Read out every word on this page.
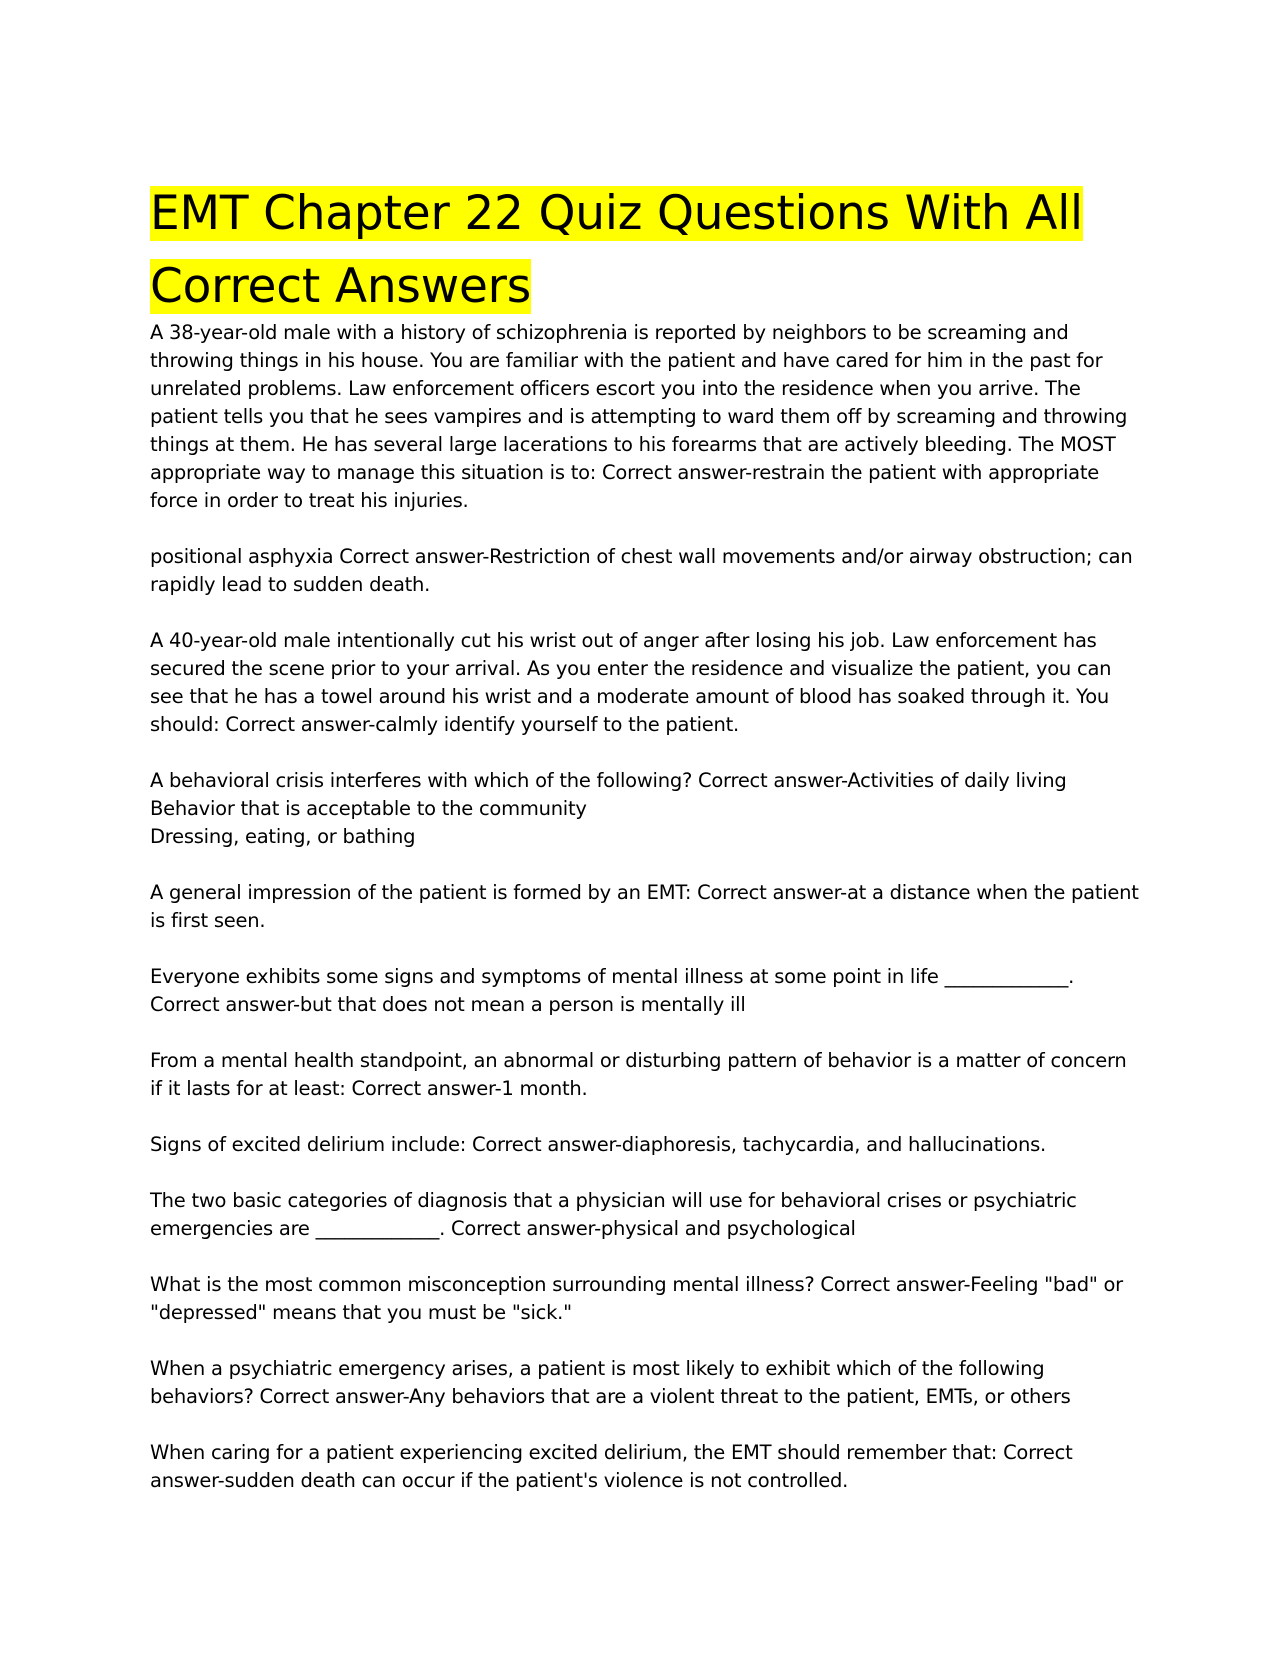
EMT Chapter 22 Quiz Questions With All
Correct Answers

A 38-year-old male with a history of schizophrenia is reported by neighbors to be screaming and throwing things in his house. You are familiar with the patient and have cared for him in the past for unrelated problems. Law enforcement officers escort you into the residence when you arrive. The patient tells you that he sees vampires and is attempting to ward them off by screaming and throwing things at them. He has several large lacerations to his forearms that are actively bleeding. The MOST appropriate way to manage this situation is to: Correct answer-restrain the patient with appropriate force in order to treat his injuries.

positional asphyxia Correct answer-Restriction of chest wall movements and/or airway obstruction; can rapidly lead to sudden death.

A 40-year-old male intentionally cut his wrist out of anger after losing his job. Law enforcement has secured the scene prior to your arrival. As you enter the residence and visualize the patient, you can see that he has a towel around his wrist and a moderate amount of blood has soaked through it. You should: Correct answer-calmly identify yourself to the patient.

A behavioral crisis interferes with which of the following? Correct answer-Activities of daily living
Behavior that is acceptable to the community
Dressing, eating, or bathing

A general impression of the patient is formed by an EMT: Correct answer-at a distance when the patient is first seen.

Everyone exhibits some signs and symptoms of mental illness at some point in life _____________. Correct answer-but that does not mean a person is mentally ill

From a mental health standpoint, an abnormal or disturbing pattern of behavior is a matter of concern if it lasts for at least: Correct answer-1 month.

Signs of excited delirium include: Correct answer-diaphoresis, tachycardia, and hallucinations.

The two basic categories of diagnosis that a physician will use for behavioral crises or psychiatric emergencies are _____________. Correct answer-physical and psychological

What is the most common misconception surrounding mental illness? Correct answer-Feeling "bad" or "depressed" means that you must be "sick."

When a psychiatric emergency arises, a patient is most likely to exhibit which of the following behaviors? Correct answer-Any behaviors that are a violent threat to the patient, EMTs, or others

When caring for a patient experiencing excited delirium, the EMT should remember that: Correct answer-sudden death can occur if the patient's violence is not controlled.
